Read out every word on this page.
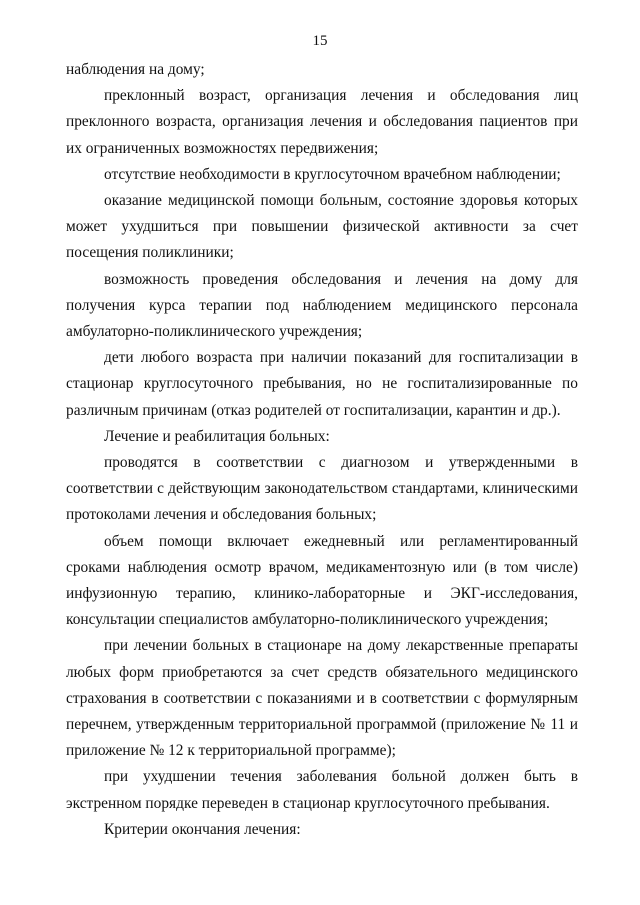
15

наблюдения на дому;

преклонный возраст, организация лечения и обследования лиц преклонного возраста, организация лечения и обследования пациентов при их ограниченных возможностях передвижения;

отсутствие необходимости в круглосуточном врачебном наблюдении;

оказание медицинской помощи больным, состояние здоровья которых может ухудшиться при повышении физической активности за счет посещения поликлиники;

возможность проведения обследования и лечения на дому для получения курса терапии под наблюдением медицинского персонала амбулаторно-поликлинического учреждения;

дети любого возраста при наличии показаний для госпитализации в стационар круглосуточного пребывания, но не госпитализированные по различным причинам (отказ родителей от госпитализации, карантин и др.).

Лечение и реабилитация больных:

проводятся в соответствии с диагнозом и утвержденными в соответствии с действующим законодательством стандартами, клиническими протоколами лечения и обследования больных;

объем помощи включает ежедневный или регламентированный сроками наблюдения осмотр врачом, медикаментозную или (в том числе) инфузионную терапию, клинико-лабораторные и ЭКГ-исследования, консультации специалистов амбулаторно-поликлинического учреждения;

при лечении больных в стационаре на дому лекарственные препараты любых форм приобретаются за счет средств обязательного медицинского страхования в соответствии с показаниями и в соответствии с формулярным перечнем, утвержденным территориальной программой (приложение № 11 и приложение № 12 к территориальной программе);

при ухудшении течения заболевания больной должен быть в экстренном порядке переведен в стационар круглосуточного пребывания.

Критерии окончания лечения:
